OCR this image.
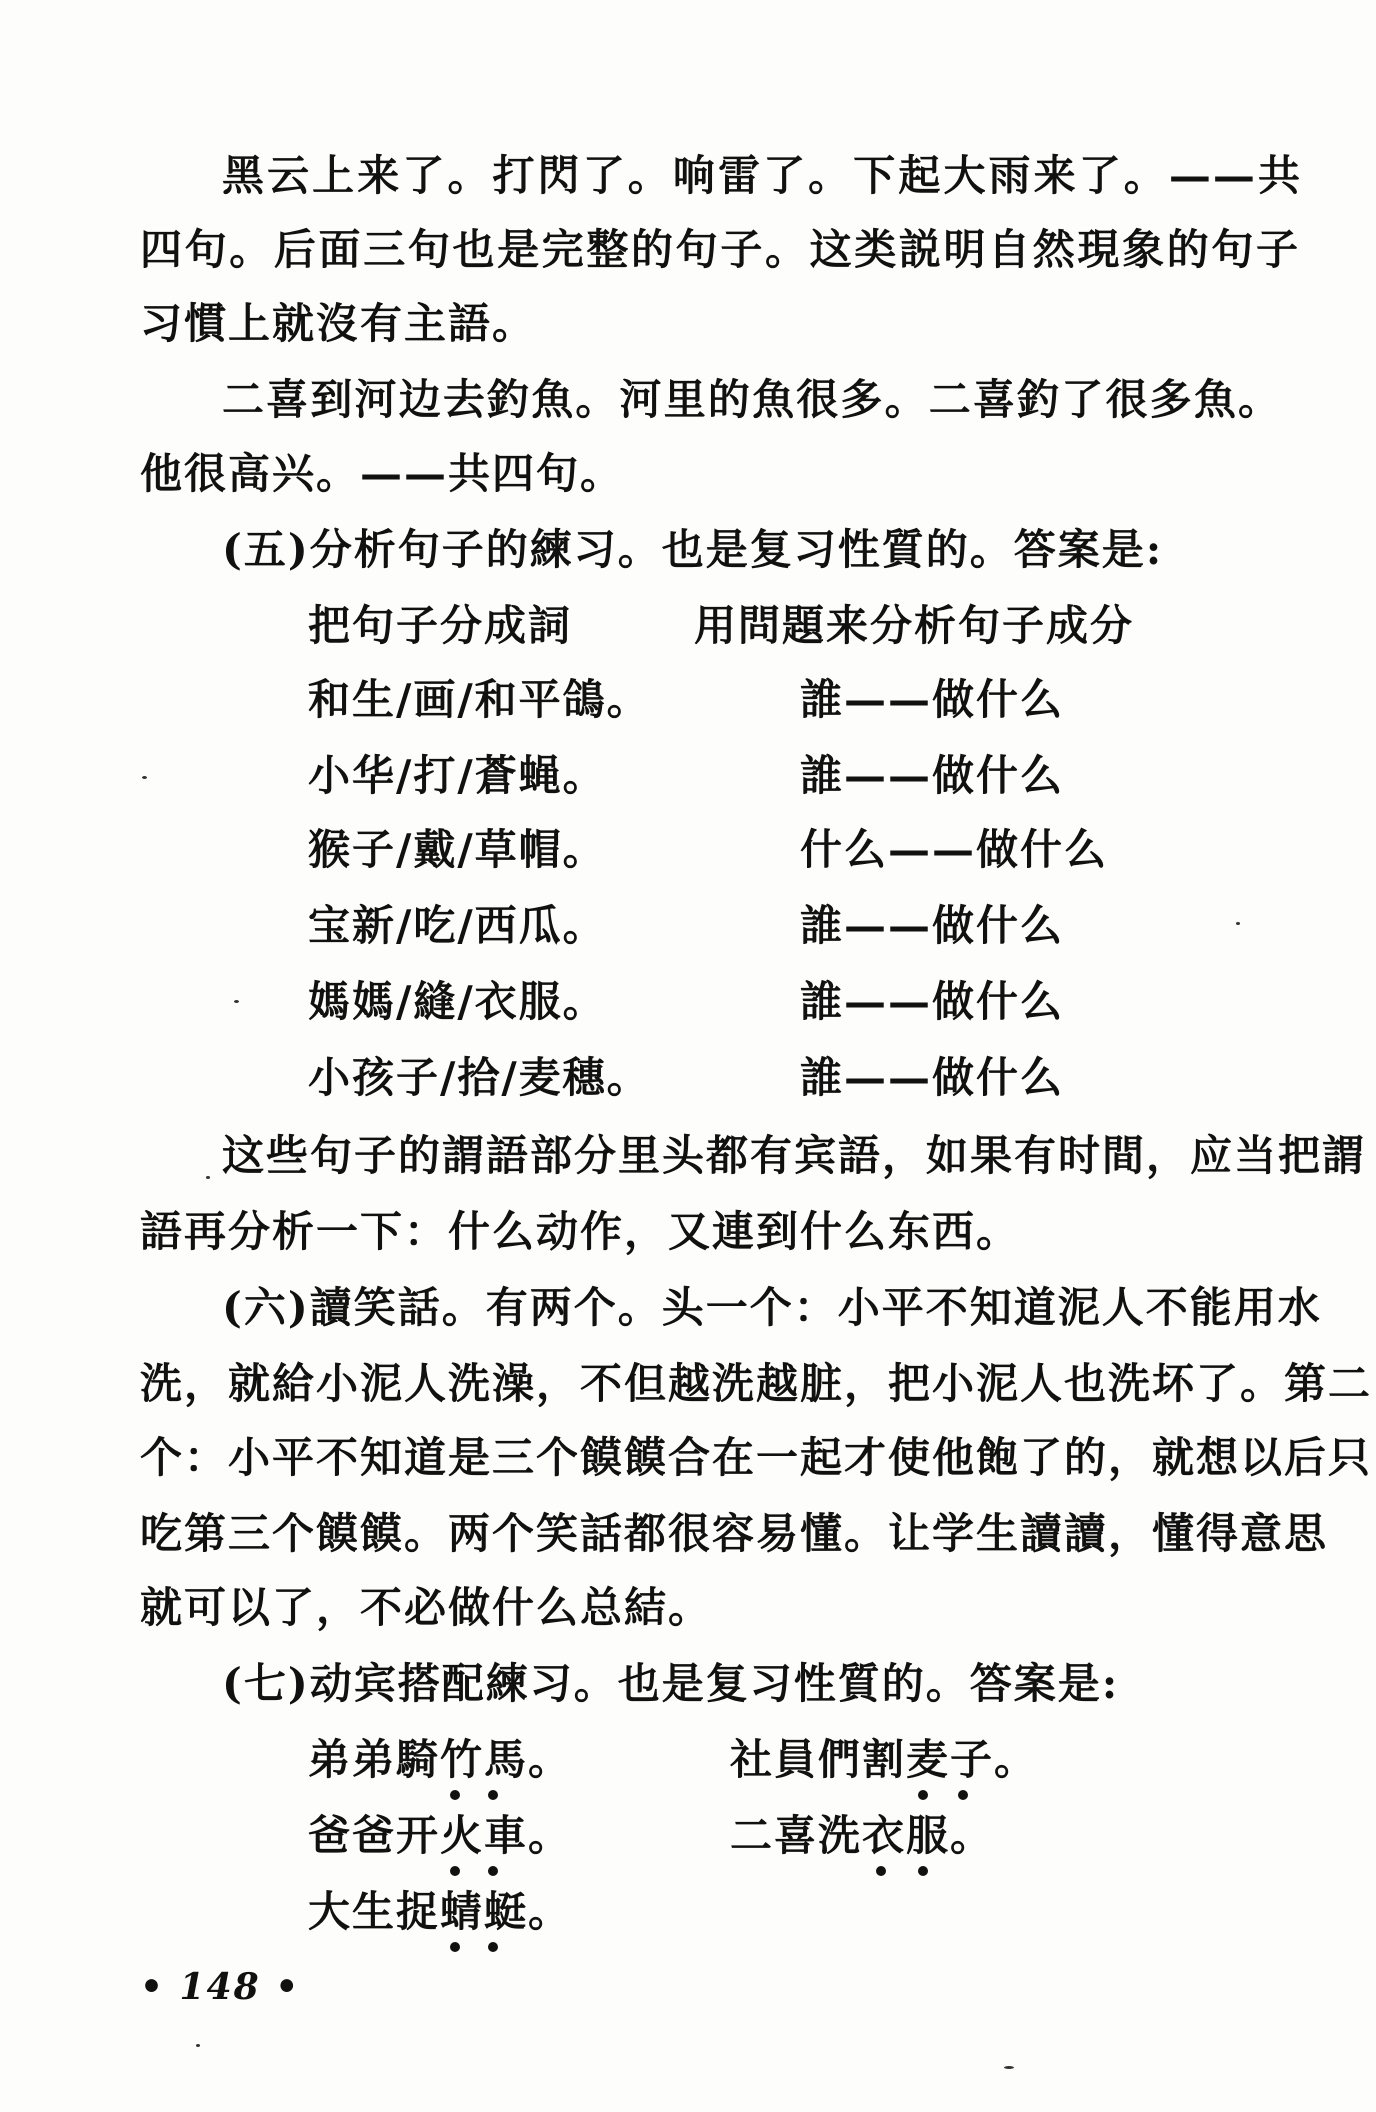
黑云上来了。打閃了。响雷了。下起大雨来了。——共
四句。后面三句也是完整的句子。这类説明自然現象的句子
习慣上就沒有主語。
二喜到河边去釣魚。河里的魚很多。二喜釣了很多魚。
他很高兴。——共四句。
(五)分析句子的練习。也是复习性質的。答案是:
把句子分成詞	用問題来分析句子成分
和生/画/和平鴿。	誰——做什么
小华/打/蒼蝇。	誰——做什么
猴子/戴/草帽。	什么——做什么
宝新/吃/西瓜。	誰——做什么
媽媽/縫/衣服。	誰——做什么
小孩子/拾/麦穗。	誰——做什么
这些句子的謂語部分里头都有宾語，如果有时間，应当把謂
語再分析一下：什么动作，又連到什么东西。
(六)讀笑話。有两个。头一个：小平不知道泥人不能用水
洗，就給小泥人洗澡，不但越洗越脏，把小泥人也洗坏了。第二
个：小平不知道是三个饃饃合在一起才使他飽了的，就想以后只
吃第三个饃饃。两个笑話都很容易懂。让学生讀讀，懂得意思
就可以了，不必做什么总結。
(七)动宾搭配練习。也是复习性質的。答案是:
弟弟騎竹馬。	社員們割麦子。
爸爸开火車。	二喜洗衣服。
大生捉蜻蜓。
• 148 •
